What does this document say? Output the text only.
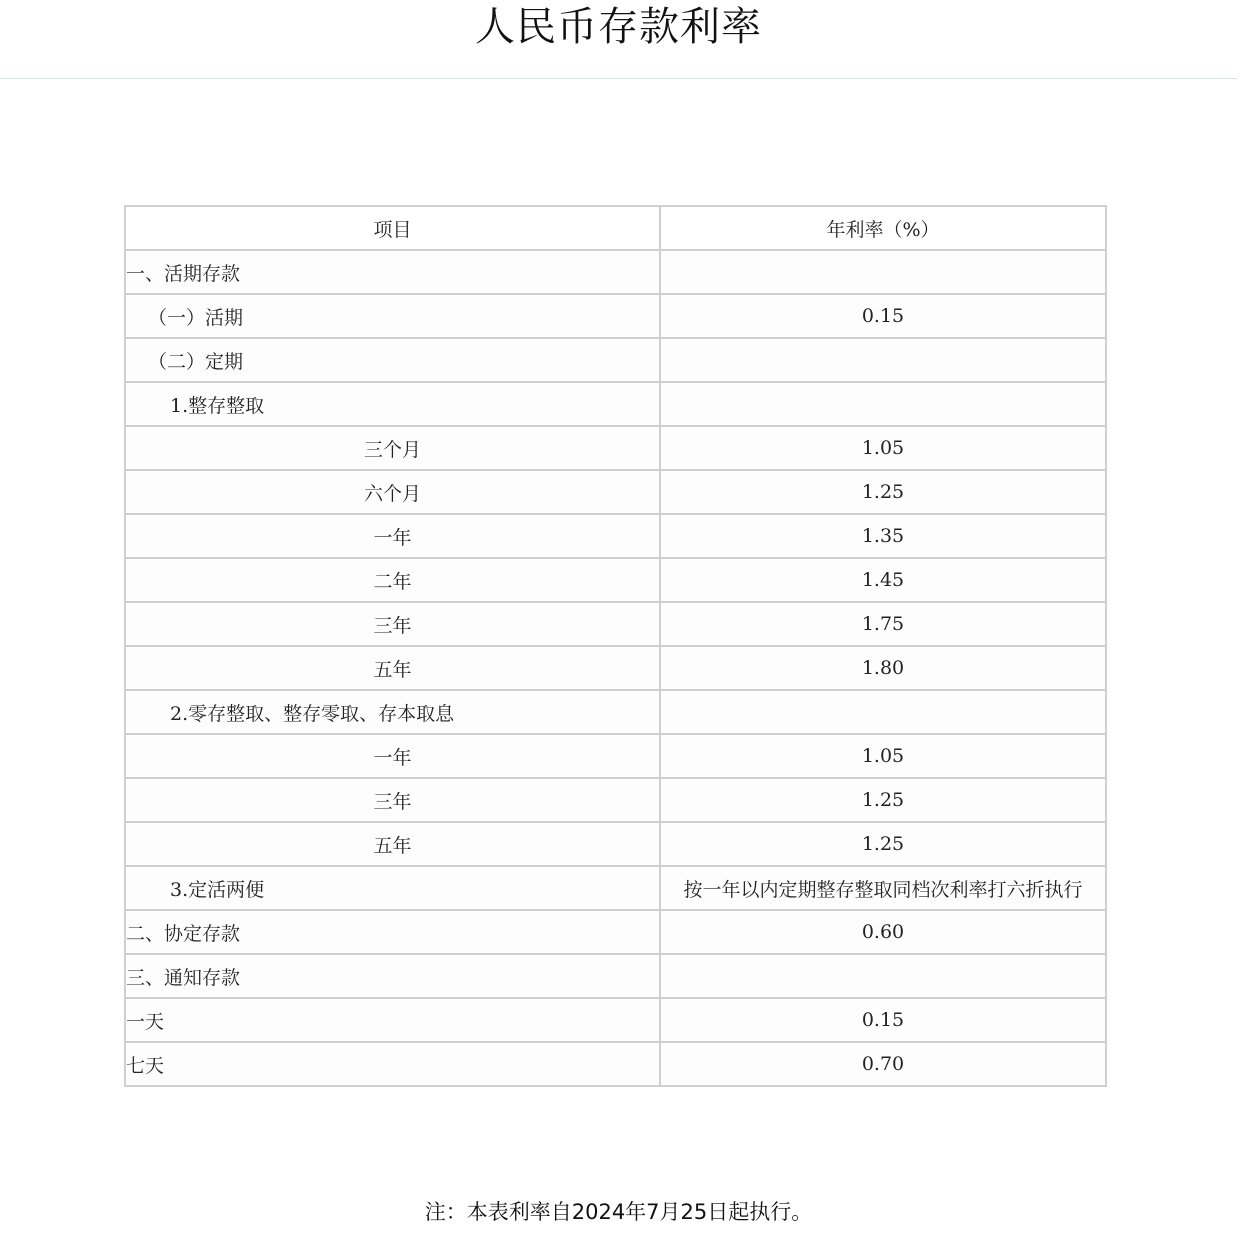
人民币存款利率
项目	年利率（%）
一、活期存款	
（一）活期	0.15
（二）定期	
1.整存整取	
三个月	1.05
六个月	1.25
一年	1.35
二年	1.45
三年	1.75
五年	1.80
2.零存整取、整存零取、存本取息	
一年	1.05
三年	1.25
五年	1.25
3.定活两便	按一年以内定期整存整取同档次利率打六折执行
二、协定存款	0.60
三、通知存款	
一天	0.15
七天	0.70
注：本表利率自2024年7月25日起执行。
